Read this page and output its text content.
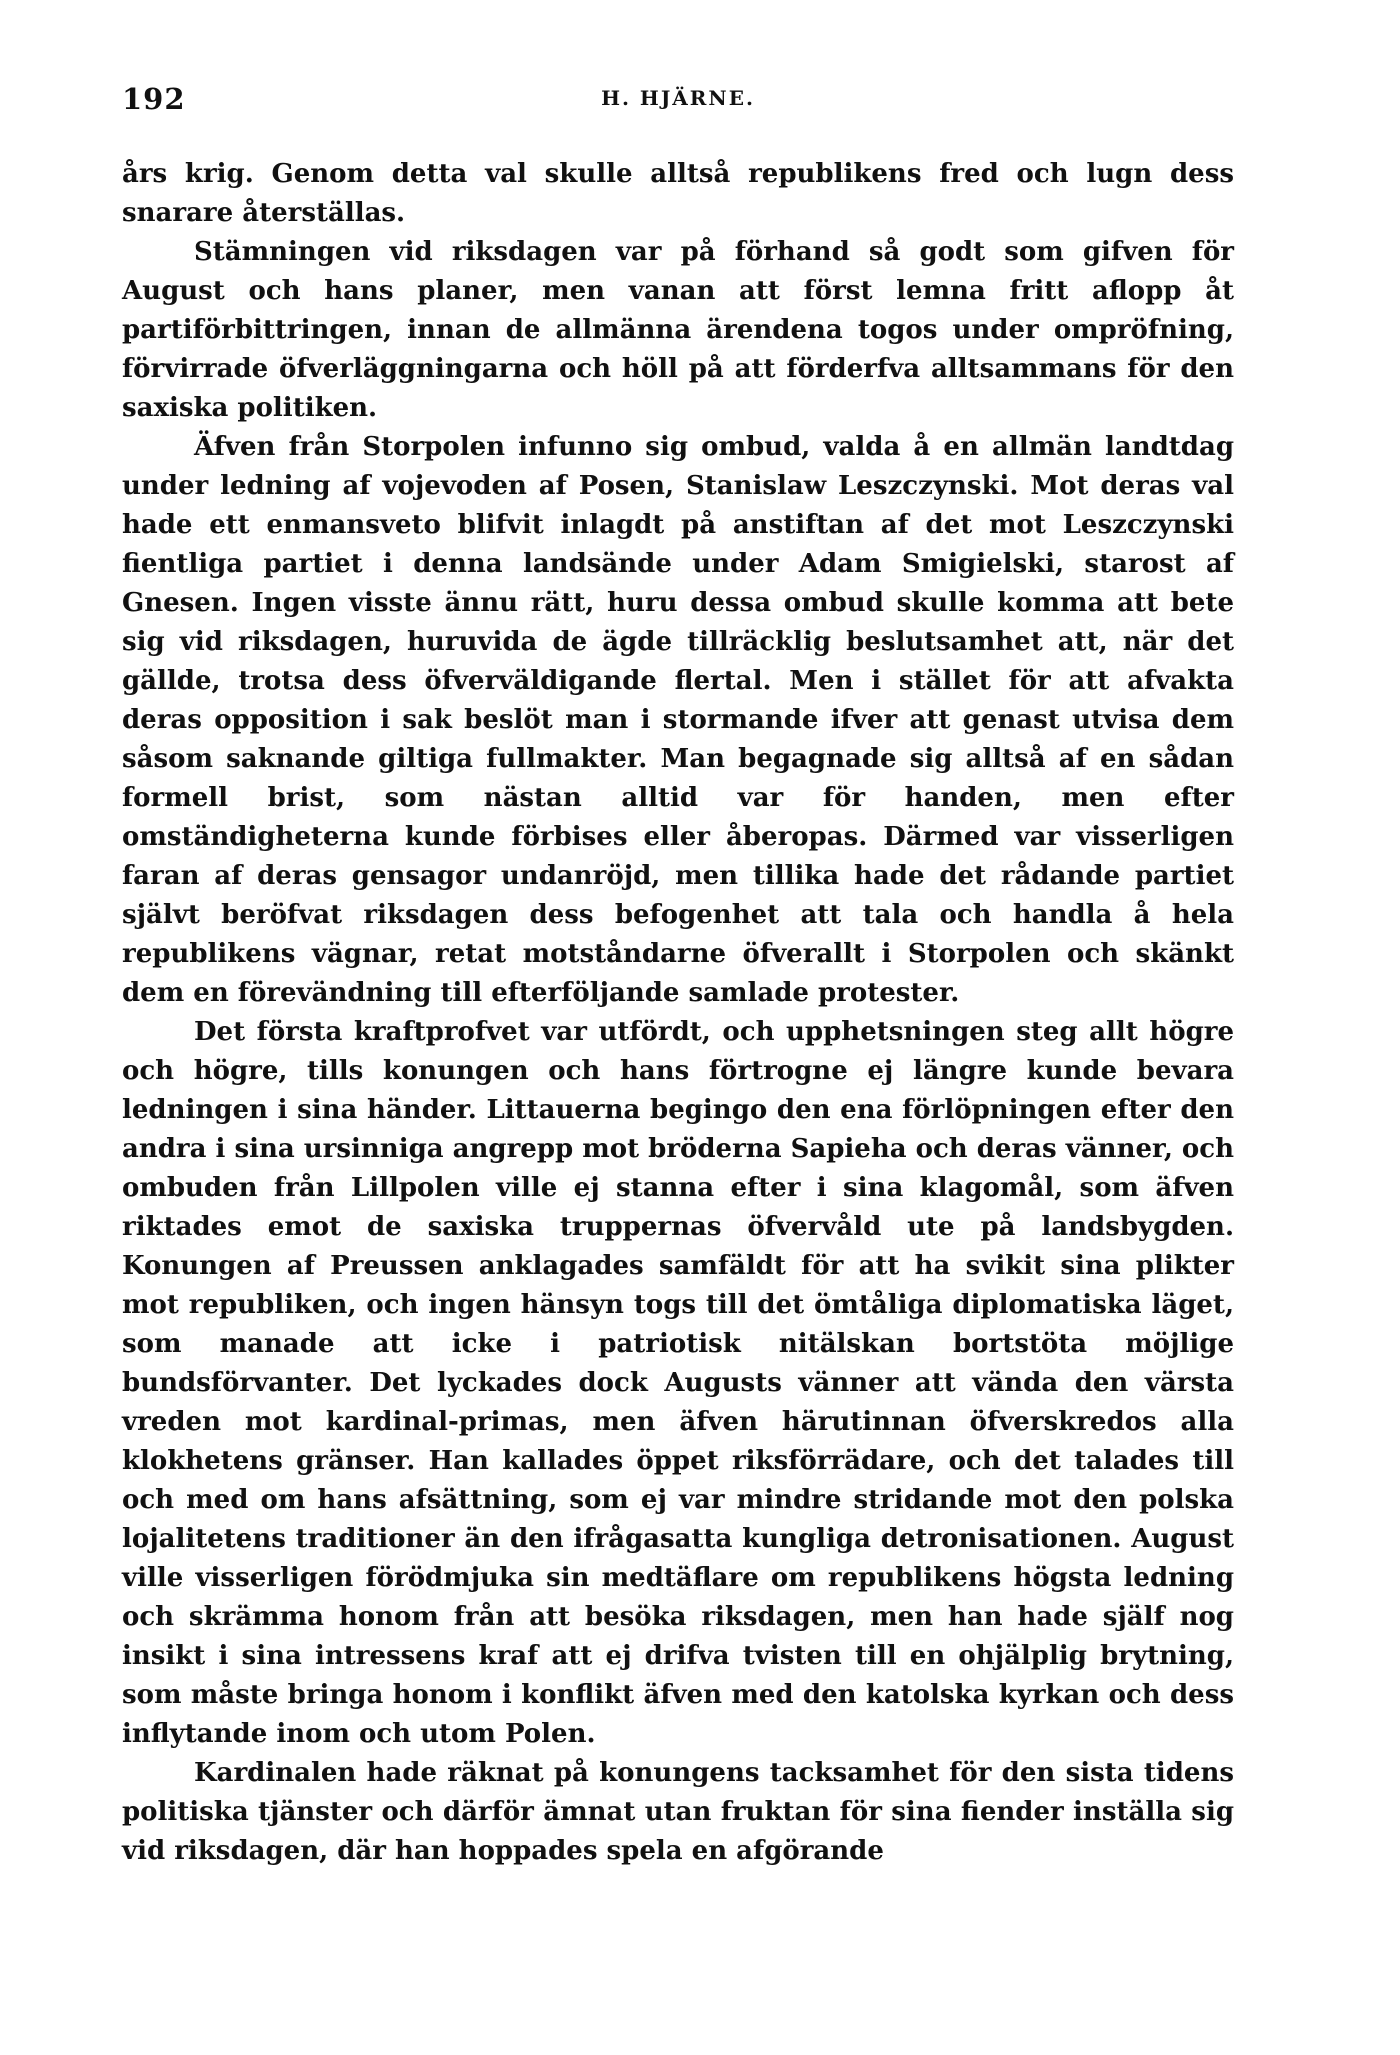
192	H. HJÄRNE.

års krig. Genom detta val skulle alltså republikens fred och lugn dess snarare återställas.

Stämningen vid riksdagen var på förhand så godt som gifven för August och hans planer, men vanan att först lemna fritt aflopp åt partiförbittringen, innan de allmänna ärendena togos under ompröfning, förvirrade öfverläggningarna och höll på att förderfva alltsammans för den saxiska politiken.

Äfven från Storpolen infunno sig ombud, valda å en allmän landtdag under ledning af vojevoden af Posen, Stanislaw Leszczynski. Mot deras val hade ett enmansveto blifvit inlagdt på anstiftan af det mot Leszczynski fientliga partiet i denna landsände under Adam Smigielski, starost af Gnesen. Ingen visste ännu rätt, huru dessa ombud skulle komma att bete sig vid riksdagen, huruvida de ägde tillräcklig beslutsamhet att, när det gällde, trotsa dess öfverväldigande flertal. Men i stället för att afvakta deras opposition i sak beslöt man i stormande ifver att genast utvisa dem såsom saknande giltiga fullmakter. Man begagnade sig alltså af en sådan formell brist, som nästan alltid var för handen, men efter omständigheterna kunde förbises eller åberopas. Därmed var visserligen faran af deras gensagor undanröjd, men tillika hade det rådande partiet självt beröfvat riksdagen dess befogenhet att tala och handla å hela republikens vägnar, retat motståndarne öfverallt i Storpolen och skänkt dem en förevändning till efterföljande samlade protester.

Det första kraftprofvet var utfördt, och upphetsningen steg allt högre och högre, tills konungen och hans förtrogne ej längre kunde bevara ledningen i sina händer. Littauerna begingo den ena förlöpningen efter den andra i sina ursinniga angrepp mot bröderna Sapieha och deras vänner, och ombuden från Lillpolen ville ej stanna efter i sina klagomål, som äfven riktades emot de saxiska truppernas öfvervåld ute på landsbygden. Konungen af Preussen anklagades samfäldt för att ha svikit sina plikter mot republiken, och ingen hänsyn togs till det ömtåliga diplomatiska läget, som manade att icke i patriotisk nitälskan bortstöta möjlige bundsförvanter. Det lyckades dock Augusts vänner att vända den värsta vreden mot kardinal-primas, men äfven härutinnan öfverskredos alla klokhetens gränser. Han kallades öppet riksförrädare, och det talades till och med om hans afsättning, som ej var mindre stridande mot den polska lojalitetens traditioner än den ifrågasatta kungliga detronisationen. August ville visserligen förödmjuka sin medtäflare om republikens högsta ledning och skrämma honom från att besöka riksdagen, men han hade själf nog insikt i sina intressens kraf att ej drifva tvisten till en ohjälplig brytning, som måste bringa honom i konflikt äfven med den katolska kyrkan och dess inflytande inom och utom Polen.

Kardinalen hade räknat på konungens tacksamhet för den sista tidens politiska tjänster och därför ämnat utan fruktan för sina fiender inställa sig vid riksdagen, där han hoppades spela en afgörande
